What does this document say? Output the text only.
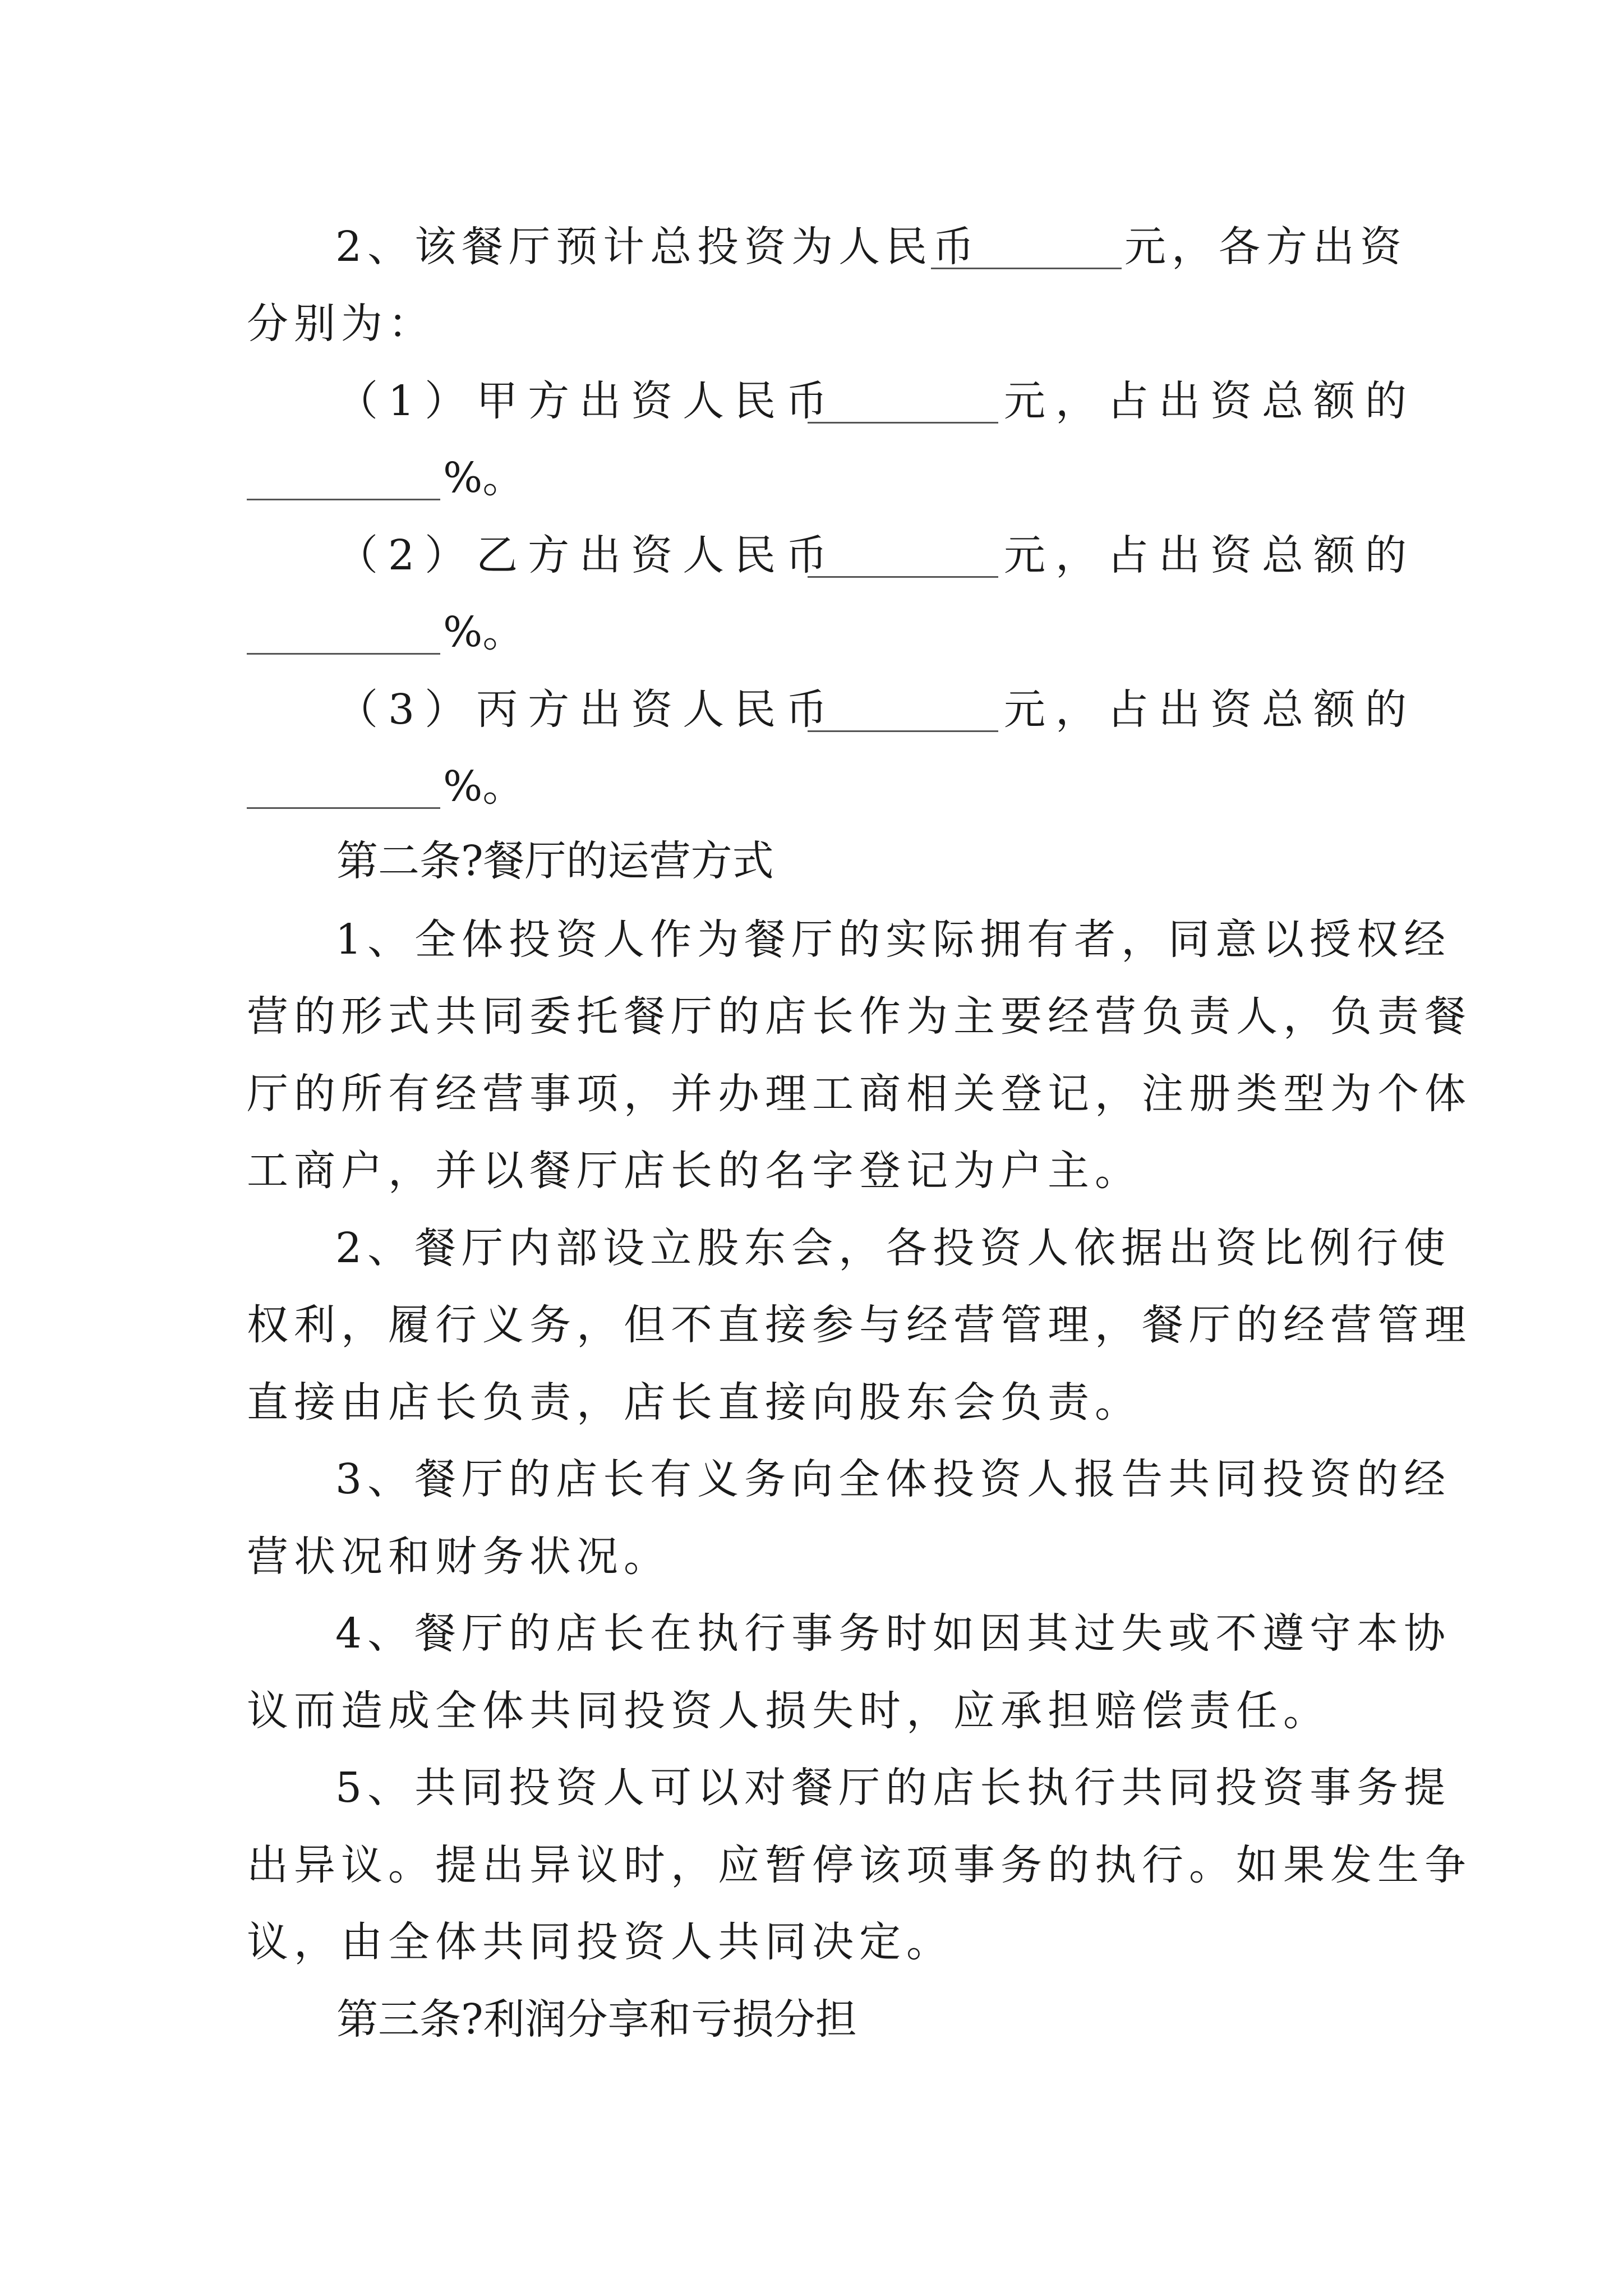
2、该餐厅预计总投资为人民币	元，各方出资
分别为：
（1）甲方出资人民币	元，占出资总额的
%。
（2）乙方出资人民币	元，占出资总额的
%。
（3）丙方出资人民币	元，占出资总额的
%。
第二条?餐厅的运营方式
1、全体投资人作为餐厅的实际拥有者，同意以授权经
营的形式共同委托餐厅的店长作为主要经营负责人，负责餐
厅的所有经营事项，并办理工商相关登记，注册类型为个体
工商户，并以餐厅店长的名字登记为户主。
2、餐厅内部设立股东会，各投资人依据出资比例行使
权利，履行义务，但不直接参与经营管理，餐厅的经营管理
直接由店长负责，店长直接向股东会负责。
3、餐厅的店长有义务向全体投资人报告共同投资的经
营状况和财务状况。
4、餐厅的店长在执行事务时如因其过失或不遵守本协
议而造成全体共同投资人损失时，应承担赔偿责任。
5、共同投资人可以对餐厅的店长执行共同投资事务提
出异议。提出异议时，应暂停该项事务的执行。如果发生争
议，由全体共同投资人共同决定。
第三条?利润分享和亏损分担
